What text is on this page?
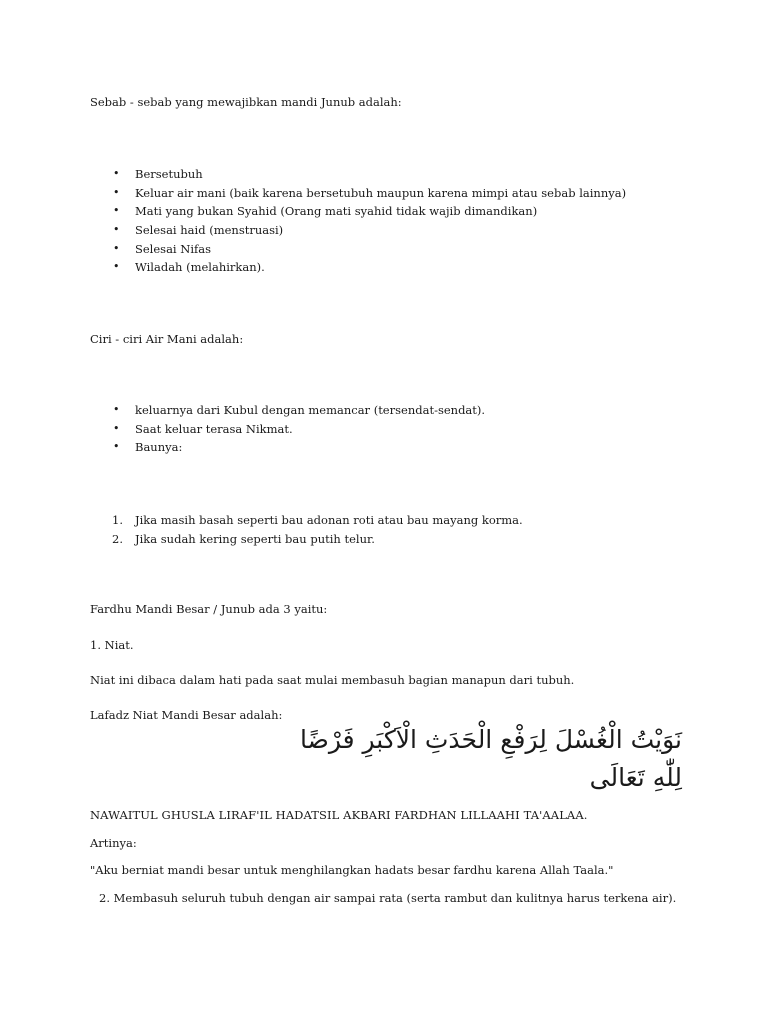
Sebab - sebab yang mewajibkan mandi Junub adalah:
• Bersetubuh
• Keluar air mani (baik karena bersetubuh maupun karena mimpi atau sebab lainnya)
• Mati yang bukan Syahid (Orang mati syahid tidak wajib dimandikan)
• Selesai haid (menstruasi)
• Selesai Nifas
• Wiladah (melahirkan).
Ciri - ciri Air Mani adalah:
• keluarnya dari Kubul dengan memancar (tersendat-sendat).
• Saat keluar terasa Nikmat.
• Baunya:
1. Jika masih basah seperti bau adonan roti atau bau mayang korma.
2. Jika sudah kering seperti bau putih telur.
Fardhu Mandi Besar / Junub ada 3 yaitu:
1. Niat.
Niat ini dibaca dalam hati pada saat mulai membasuh bagian manapun dari tubuh.
Lafadz Niat Mandi Besar adalah:
نَوَيْتُ الْغُسْلَ لِرَفْعِ الْحَدَثِ الْاَكْبَرِ فَرْضًا
لِلّٰهِ تَعَالَى
NAWAITUL GHUSLA LIRAF'IL HADATSIL AKBARI FARDHAN LILLAAHI TA'AALAA.
Artinya:
"Aku berniat mandi besar untuk menghilangkan hadats besar fardhu karena Allah Taala."
2. Membasuh seluruh tubuh dengan air sampai rata (serta rambut dan kulitnya harus terkena air).
